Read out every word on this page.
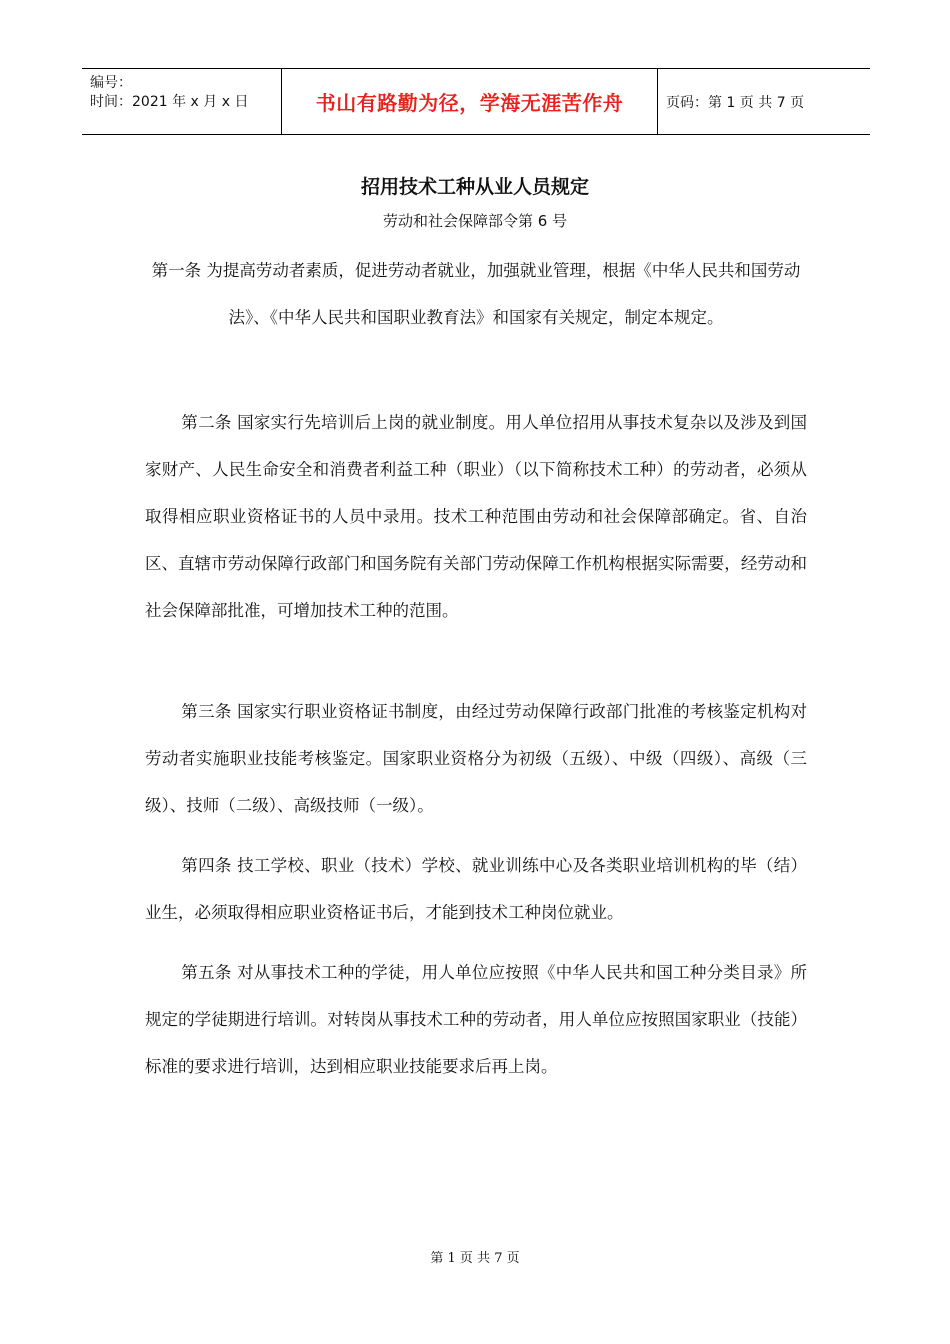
编号：
时间：2021 年 x 月 x 日	书山有路勤为径，学海无涯苦作舟	页码：第 1 页 共 7 页
招用技术工种从业人员规定
劳动和社会保障部令第 6 号

第一条 为提高劳动者素质，促进劳动者就业，加强就业管理，根据《中华人民共和国劳动法》、《中华人民共和国职业教育法》和国家有关规定，制定本规定。

第二条 国家实行先培训后上岗的就业制度。用人单位招用从事技术复杂以及涉及到国家财产、人民生命安全和消费者利益工种（职业）（以下简称技术工种）的劳动者，必须从取得相应职业资格证书的人员中录用。技术工种范围由劳动和社会保障部确定。省、自治区、直辖市劳动保障行政部门和国务院有关部门劳动保障工作机构根据实际需要，经劳动和社会保障部批准，可增加技术工种的范围。

第三条 国家实行职业资格证书制度，由经过劳动保障行政部门批准的考核鉴定机构对劳动者实施职业技能考核鉴定。国家职业资格分为初级（五级）、中级（四级）、高级（三级）、技师（二级）、高级技师（一级）。

第四条 技工学校、职业（技术）学校、就业训练中心及各类职业培训机构的毕（结）业生，必须取得相应职业资格证书后，才能到技术工种岗位就业。

第五条 对从事技术工种的学徒，用人单位应按照《中华人民共和国工种分类目录》所规定的学徒期进行培训。对转岗从事技术工种的劳动者，用人单位应按照国家职业（技能）标准的要求进行培训，达到相应职业技能要求后再上岗。

第 1 页 共 7 页
